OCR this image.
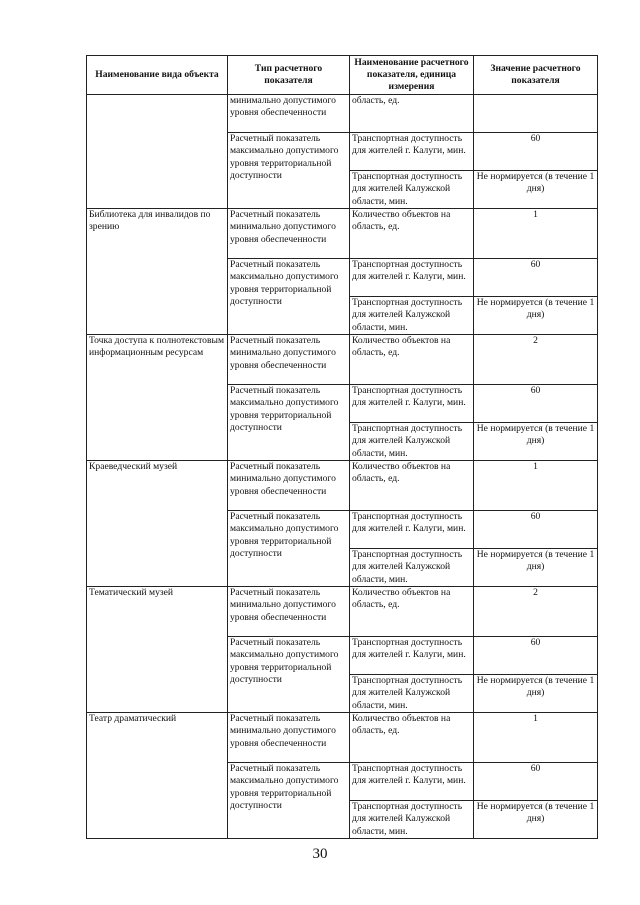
Наименование вида объекта	Тип расчетного показателя	Наименование расчетного показателя, единица измерения	Значение расчетного показателя
	минимально допустимого уровня обеспеченности	область, ед.	
	Расчетный показатель максимально допустимого уровня территориальной доступности	Транспортная доступность для жителей г. Калуги, мин.	60
		Транспортная доступность для жителей Калужской области, мин.	Не нормируется (в течение 1 дня)
Библиотека для инвалидов по зрению	Расчетный показатель минимально допустимого уровня обеспеченности	Количество объектов на область, ед.	1
	Расчетный показатель максимально допустимого уровня территориальной доступности	Транспортная доступность для жителей г. Калуги, мин.	60
		Транспортная доступность для жителей Калужской области, мин.	Не нормируется (в течение 1 дня)
Точка доступа к полнотекстовым информационным ресурсам	Расчетный показатель минимально допустимого уровня обеспеченности	Количество объектов на область, ед.	2
	Расчетный показатель максимально допустимого уровня территориальной доступности	Транспортная доступность для жителей г. Калуги, мин.	60
		Транспортная доступность для жителей Калужской области, мин.	Не нормируется (в течение 1 дня)
Краеведческий музей	Расчетный показатель минимально допустимого уровня обеспеченности	Количество объектов на область, ед.	1
	Расчетный показатель максимально допустимого уровня территориальной доступности	Транспортная доступность для жителей г. Калуги, мин.	60
		Транспортная доступность для жителей Калужской области, мин.	Не нормируется (в течение 1 дня)
Тематический музей	Расчетный показатель минимально допустимого уровня обеспеченности	Количество объектов на область, ед.	2
	Расчетный показатель максимально допустимого уровня территориальной доступности	Транспортная доступность для жителей г. Калуги, мин.	60
		Транспортная доступность для жителей Калужской области, мин.	Не нормируется (в течение 1 дня)
Театр драматический	Расчетный показатель минимально допустимого уровня обеспеченности	Количество объектов на область, ед.	1
	Расчетный показатель максимально допустимого уровня территориальной доступности	Транспортная доступность для жителей г. Калуги, мин.	60
		Транспортная доступность для жителей Калужской области, мин.	Не нормируется (в течение 1 дня)
30
